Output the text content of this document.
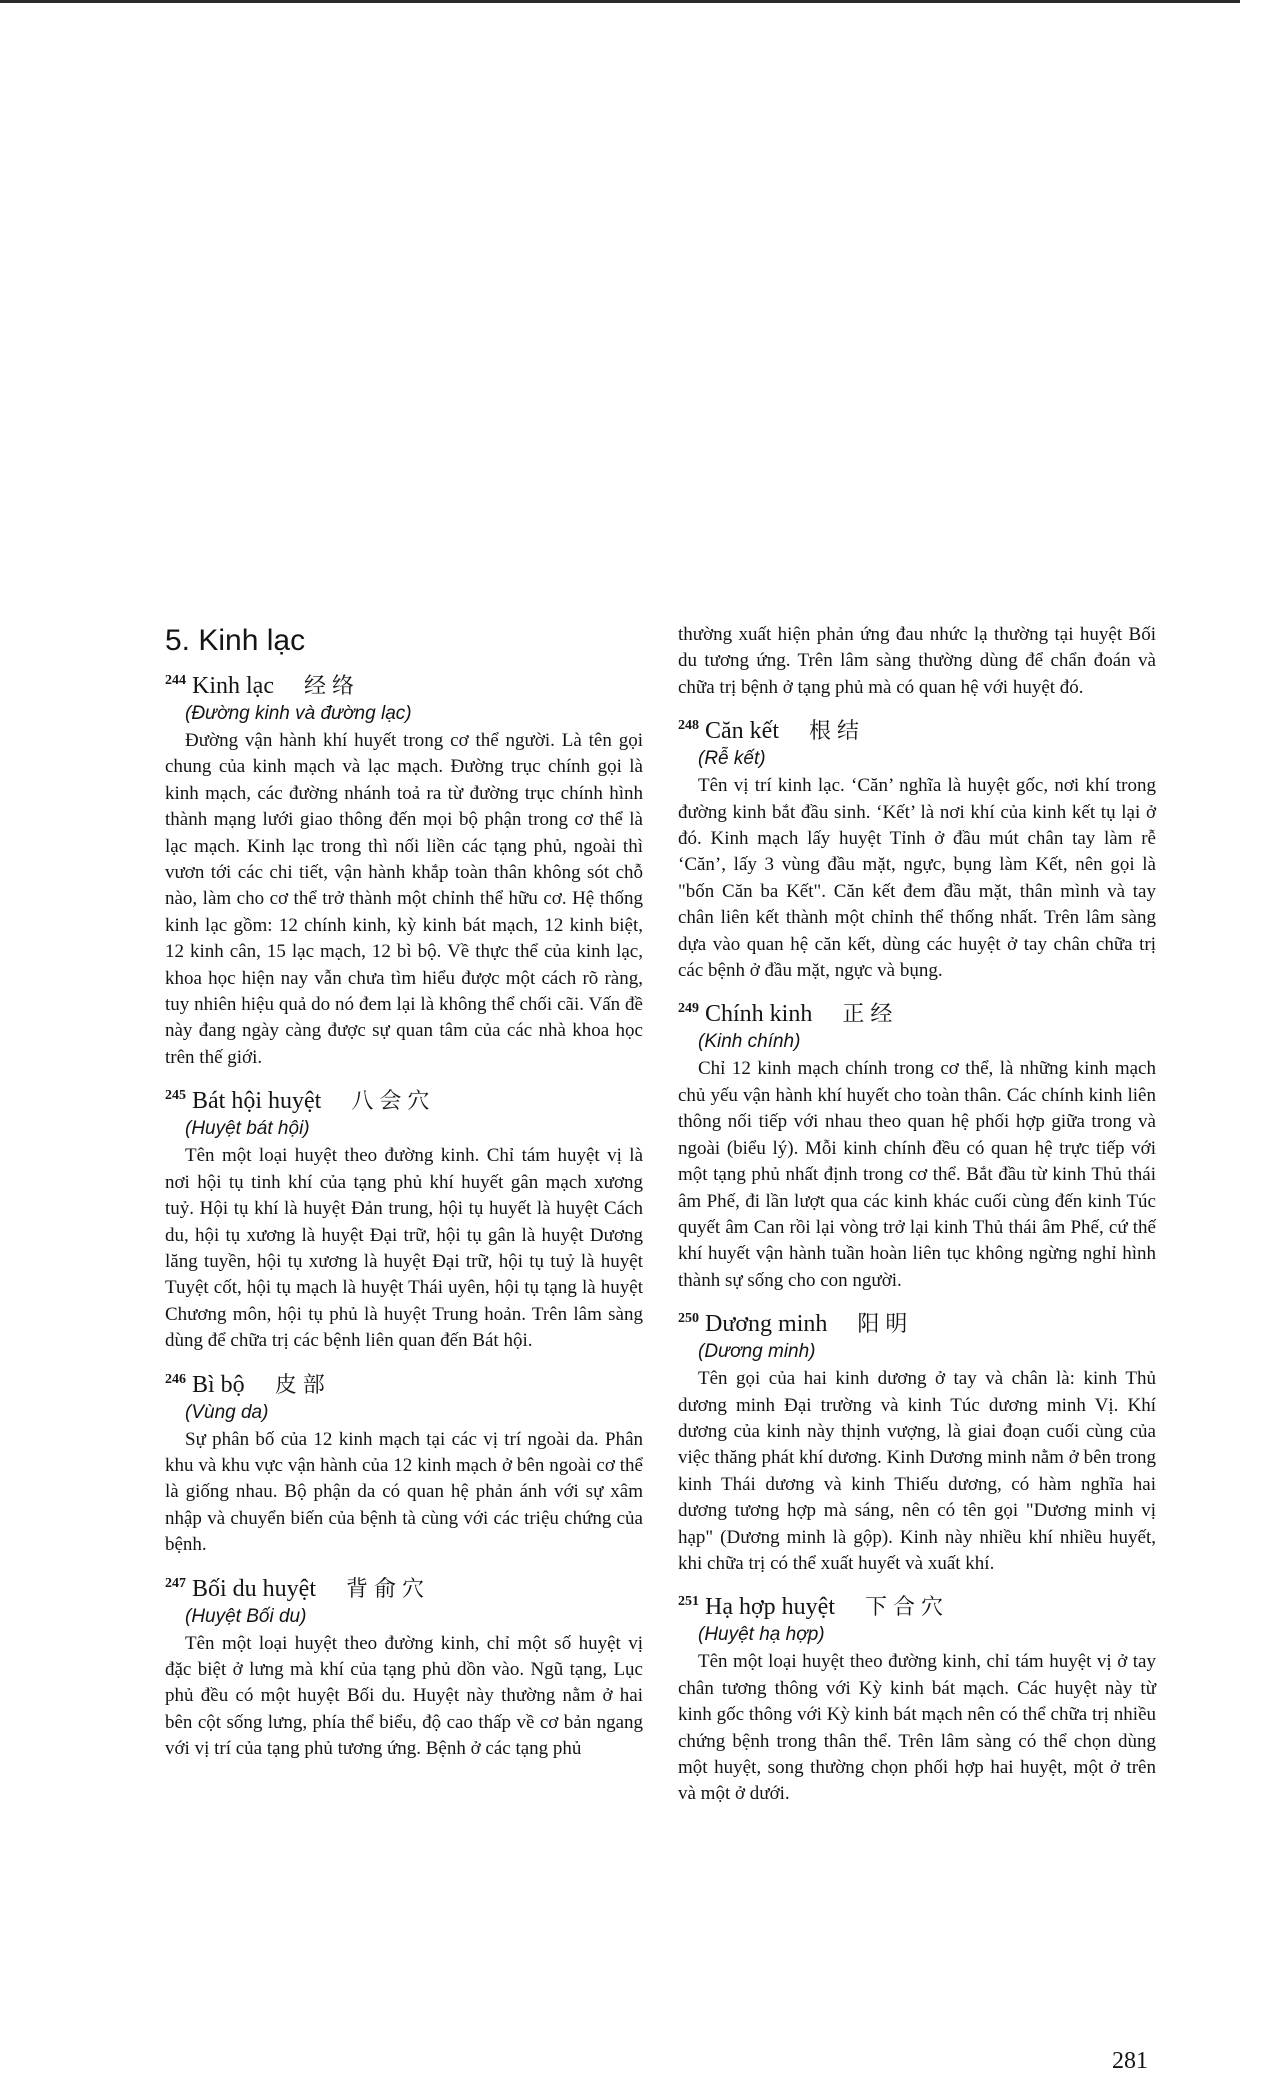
5. Kinh lạc
$^{244}$ Kinh lạc 经络
(Đường kinh và đường lạc)

Đường vận hành khí huyết trong cơ thể người. Là tên gọi chung của kinh mạch và lạc mạch. Đường trục chính gọi là kinh mạch, các đường nhánh toả ra từ đường trục chính hình thành mạng lưới giao thông đến mọi bộ phận trong cơ thể là lạc mạch. Kinh lạc trong thì nối liền các tạng phủ, ngoài thì vươn tới các chi tiết, vận hành khắp toàn thân không sót chỗ nào, làm cho cơ thể trở thành một chỉnh thể hữu cơ. Hệ thống kinh lạc gồm: 12 chính kinh, kỳ kinh bát mạch, 12 kinh biệt, 12 kinh cân, 15 lạc mạch, 12 bì bộ. Về thực thể của kinh lạc, khoa học hiện nay vẫn chưa tìm hiểu được một cách rõ ràng, tuy nhiên hiệu quả do nó đem lại là không thể chối cãi. Vấn đề này đang ngày càng được sự quan tâm của các nhà khoa học trên thế giới.

$^{245}$ Bát hội huyệt 八会穴
(Huyệt bát hội)

Tên một loại huyệt theo đường kinh. Chỉ tám huyệt vị là nơi hội tụ tinh khí của tạng phủ khí huyết gân mạch xương tuỷ. Hội tụ khí là huyệt Đản trung, hội tụ huyết là huyệt Cách du, hội tụ xương là huyệt Đại trữ, hội tụ gân là huyệt Dương lăng tuyền, hội tụ xương là huyệt Đại trữ, hội tụ tuỷ là huyệt Tuyệt cốt, hội tụ mạch là huyệt Thái uyên, hội tụ tạng là huyệt Chương môn, hội tụ phủ là huyệt Trung hoản. Trên lâm sàng dùng để chữa trị các bệnh liên quan đến Bát hội.

$^{246}$ Bì bộ 皮部
(Vùng da)

Sự phân bố của 12 kinh mạch tại các vị trí ngoài da. Phân khu và khu vực vận hành của 12 kinh mạch ở bên ngoài cơ thể là giống nhau. Bộ phận da có quan hệ phản ánh với sự xâm nhập và chuyển biến của bệnh tà cùng với các triệu chứng của bệnh.

$^{247}$ Bối du huyệt 背俞穴
(Huyệt Bối du)

Tên một loại huyệt theo đường kinh, chỉ một số huyệt vị đặc biệt ở lưng mà khí của tạng phủ dồn vào. Ngũ tạng, Lục phủ đều có một huyệt Bối du. Huyệt này thường nằm ở hai bên cột sống lưng, phía thể biểu, độ cao thấp về cơ bản ngang với vị trí của tạng phủ tương ứng. Bệnh ở các tạng phủ

thường xuất hiện phản ứng đau nhức lạ thường tại huyệt Bối du tương ứng. Trên lâm sàng thường dùng để chẩn đoán và chữa trị bệnh ở tạng phủ mà có quan hệ với huyệt đó.

$^{248}$ Căn kết 根结
(Rễ kết)

Tên vị trí kinh lạc. ‘Căn’ nghĩa là huyệt gốc, nơi khí trong đường kinh bắt đầu sinh. ‘Kết’ là nơi khí của kinh kết tụ lại ở đó. Kinh mạch lấy huyệt Tỉnh ở đầu mút chân tay làm rễ ‘Căn’, lấy 3 vùng đầu mặt, ngực, bụng làm Kết, nên gọi là "bốn Căn ba Kết". Căn kết đem đầu mặt, thân mình và tay chân liên kết thành một chỉnh thể thống nhất. Trên lâm sàng dựa vào quan hệ căn kết, dùng các huyệt ở tay chân chữa trị các bệnh ở đầu mặt, ngực và bụng.

$^{249}$ Chính kinh 正经
(Kinh chính)

Chỉ 12 kinh mạch chính trong cơ thể, là những kinh mạch chủ yếu vận hành khí huyết cho toàn thân. Các chính kinh liên thông nối tiếp với nhau theo quan hệ phối hợp giữa trong và ngoài (biểu lý). Mỗi kinh chính đều có quan hệ trực tiếp với một tạng phủ nhất định trong cơ thể. Bắt đầu từ kinh Thủ thái âm Phế, đi lần lượt qua các kinh khác cuối cùng đến kinh Túc quyết âm Can rồi lại vòng trở lại kinh Thủ thái âm Phế, cứ thế khí huyết vận hành tuần hoàn liên tục không ngừng nghỉ hình thành sự sống cho con người.

$^{250}$ Dương minh 阳明
(Dương minh)

Tên gọi của hai kinh dương ở tay và chân là: kinh Thủ dương minh Đại trường và kinh Túc dương minh Vị. Khí dương của kinh này thịnh vượng, là giai đoạn cuối cùng của việc thăng phát khí dương. Kinh Dương minh nằm ở bên trong kinh Thái dương và kinh Thiếu dương, có hàm nghĩa hai dương tương hợp mà sáng, nên có tên gọi "Dương minh vị hạp" (Dương minh là gộp). Kinh này nhiều khí nhiều huyết, khi chữa trị có thể xuất huyết và xuất khí.

$^{251}$ Hạ hợp huyệt 下合穴
(Huyệt hạ hợp)

Tên một loại huyệt theo đường kinh, chỉ tám huyệt vị ở tay chân tương thông với Kỳ kinh bát mạch. Các huyệt này từ kinh gốc thông với Kỳ kinh bát mạch nên có thể chữa trị nhiều chứng bệnh trong thân thể. Trên lâm sàng có thể chọn dùng một huyệt, song thường chọn phối hợp hai huyệt, một ở trên và một ở dưới.

281
